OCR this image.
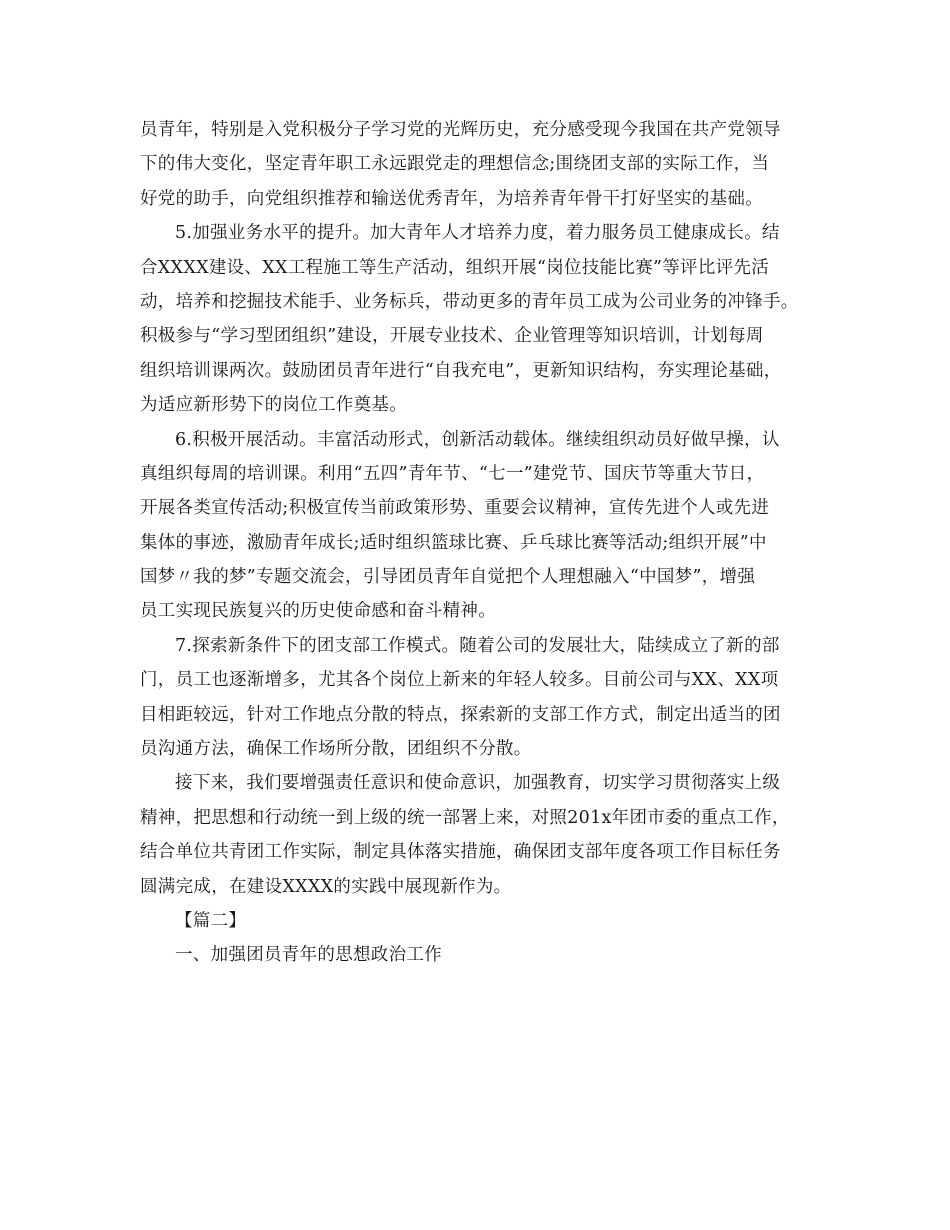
员青年，特别是入党积极分子学习党的光辉历史，充分感受现今我国在共产党领导
下的伟大变化，坚定青年职工永远跟党走的理想信念;围绕团支部的实际工作，当
好党的助手，向党组织推荐和输送优秀青年，为培养青年骨干打好坚实的基础。
5.加强业务水平的提升。加大青年人才培养力度，着力服务员工健康成长。结
合XXXX建设、XX工程施工等生产活动，组织开展“岗位技能比赛”等评比评先活
动，培养和挖掘技术能手、业务标兵，带动更多的青年员工成为公司业务的冲锋手。
积极参与“学习型团组织”建设，开展专业技术、企业管理等知识培训，计划每周
组织培训课两次。鼓励团员青年进行“自我充电”，更新知识结构，夯实理论基础，
为适应新形势下的岗位工作奠基。
6.积极开展活动。丰富活动形式，创新活动载体。继续组织动员好做早操，认
真组织每周的培训课。利用“五四”青年节、“七一”建党节、国庆节等重大节日，
开展各类宣传活动;积极宣传当前政策形势、重要会议精神，宣传先进个人或先进
集体的事迹，激励青年成长;适时组织篮球比赛、乒乓球比赛等活动;组织开展”中
国梦〃我的梦”专题交流会，引导团员青年自觉把个人理想融入“中国梦”，增强
员工实现民族复兴的历史使命感和奋斗精神。
7.探索新条件下的团支部工作模式。随着公司的发展壮大，陆续成立了新的部
门，员工也逐渐增多，尤其各个岗位上新来的年轻人较多。目前公司与XX、XX项
目相距较远，针对工作地点分散的特点，探索新的支部工作方式，制定出适当的团
员沟通方法，确保工作场所分散，团组织不分散。
接下来，我们要增强责任意识和使命意识，加强教育，切实学习贯彻落实上级
精神，把思想和行动统一到上级的统一部署上来，对照201x年团市委的重点工作，
结合单位共青团工作实际，制定具体落实措施，确保团支部年度各项工作目标任务
圆满完成，在建设XXXX的实践中展现新作为。
【篇二】
一、加强团员青年的思想政治工作
